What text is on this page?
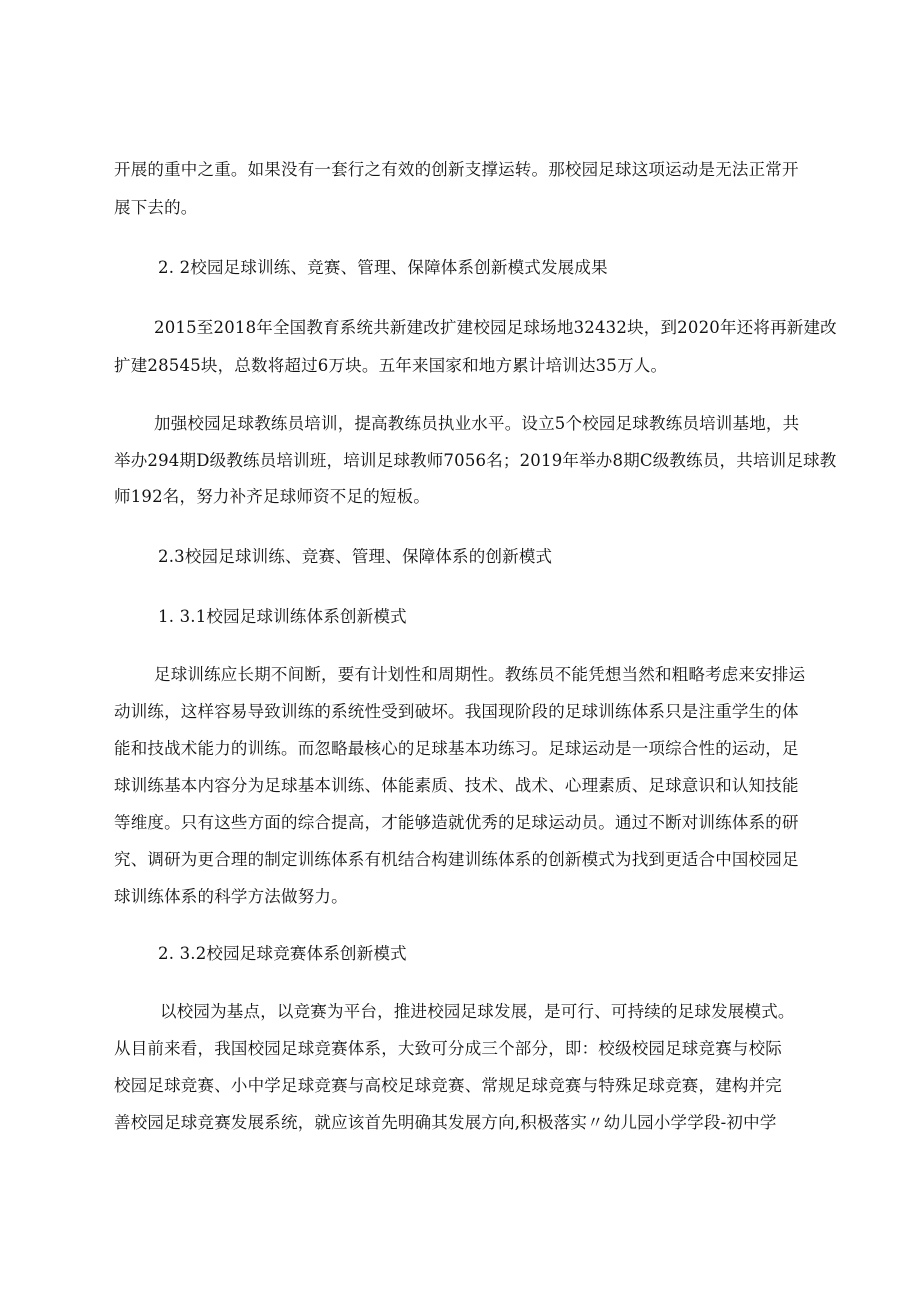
开展的重中之重。如果没有一套行之有效的创新支撑运转。那校园足球这项运动是无法正常开
展下去的。
2. 2校园足球训练、竞赛、管理、保障体系创新模式发展成果
2015至2018年全国教育系统共新建改扩建校园足球场地32432块，到2020年还将再新建改
扩建28545块，总数将超过6万块。五年来国家和地方累计培训达35万人。
加强校园足球教练员培训，提高教练员执业水平。设立5个校园足球教练员培训基地，共
举办294期D级教练员培训班，培训足球教师7056名；2019年举办8期C级教练员，共培训足球教
师192名，努力补齐足球师资不足的短板。
2.3校园足球训练、竞赛、管理、保障体系的创新模式
1. 3.1校园足球训练体系创新模式
足球训练应长期不间断，要有计划性和周期性。教练员不能凭想当然和粗略考虑来安排运
动训练，这样容易导致训练的系统性受到破坏。我国现阶段的足球训练体系只是注重学生的体
能和技战术能力的训练。而忽略最核心的足球基本功练习。足球运动是一项综合性的运动，足
球训练基本内容分为足球基本训练、体能素质、技术、战术、心理素质、足球意识和认知技能
等维度。只有这些方面的综合提高，才能够造就优秀的足球运动员。通过不断对训练体系的研
究、调研为更合理的制定训练体系有机结合构建训练体系的创新模式为找到更适合中国校园足
球训练体系的科学方法做努力。
2. 3.2校园足球竞赛体系创新模式
以校园为基点，以竞赛为平台，推进校园足球发展，是可行、可持续的足球发展模式。
从目前来看，我国校园足球竞赛体系，大致可分成三个部分，即：校级校园足球竞赛与校际
校园足球竞赛、小中学足球竞赛与高校足球竞赛、常规足球竞赛与特殊足球竞赛，建构并完
善校园足球竞赛发展系统，就应该首先明确其发展方向,积极落实〃幼儿园小学学段-初中学
